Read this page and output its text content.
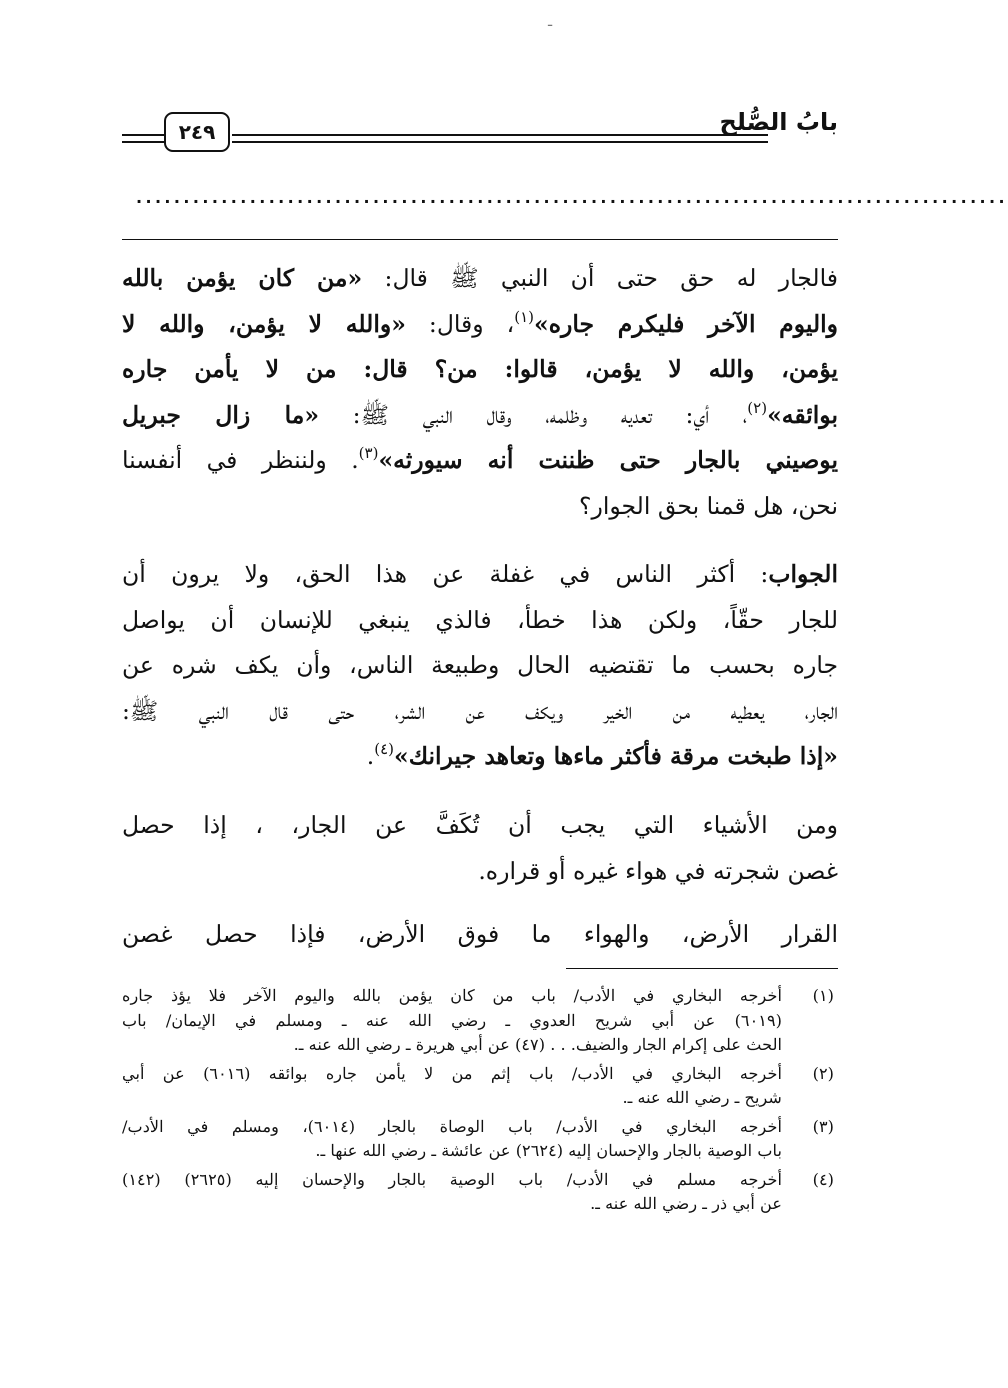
ـ
٢٤٩	بابُ الصُّلح
............................................................................................
فالجار له حق حتى أن النبي ﷺ قال: «من كان يؤمن بالله
واليوم الآخر فليكرم جاره»$^{(١)}$، وقال: «والله لا يؤمن، والله لا
يؤمن، والله لا يؤمن، قالوا: من؟ قال: من لا يأمن جاره
بوائقه»$^{(٢)}$، أي: تعديه وظلمه، وقال النبي ﷺ: «ما زال جبريل
يوصيني بالجار حتى ظننت أنه سيورثه»$^{(٣)}$. ولننظر في أنفسنا
نحن، هل قمنا بحق الجوار؟
الجواب: أكثر الناس في غفلة عن هذا الحق، ولا يرون أن
للجار حقّاً، ولكن هذا خطأ، فالذي ينبغي للإنسان أن يواصل
جاره بحسب ما تقتضيه الحال وطبيعة الناس، وأن يكف شره عن
الجار، يعطيه من الخير ويكف عن الشر، حتى قال النبي ﷺ:
«إذا طبخت مرقة فأكثر ماءها وتعاهد جيرانك»$^{(٤)}$.
ومن الأشياء التي يجب أن تُكَفَّ عن الجار، ، إذا حصل
غصن شجرته في هواء غيره أو قراره.
القرار الأرض، والهواء ما فوق الأرض، فإذا حصل غصن
(١)
أخرجه البخاري في الأدب/ باب من كان يؤمن بالله واليوم الآخر فلا يؤذ جاره
(٦٠١٩) عن أبي شريح العدوي ـ رضي الله عنه ـ ومسلم في الإيمان/ باب
الحث على إكرام الجار والضيف. . . (٤٧) عن أبي هريرة ـ رضي الله عنه ـ.
(٢)
أخرجه البخاري في الأدب/ باب إثم من لا يأمن جاره بوائقه (٦٠١٦) عن أبي
شريح ـ رضي الله عنه ـ.
(٣)
أخرجه البخاري في الأدب/ باب الوصاة بالجار (٦٠١٤)، ومسلم في الأدب/
باب الوصية بالجار والإحسان إليه (٢٦٢٤) عن عائشة ـ رضي الله عنها ـ.
(٤)
أخرجه مسلم في الأدب/ باب الوصية بالجار والإحسان إليه (٢٦٢٥) (١٤٢)
عن أبي ذر ـ رضي الله عنه ـ.
